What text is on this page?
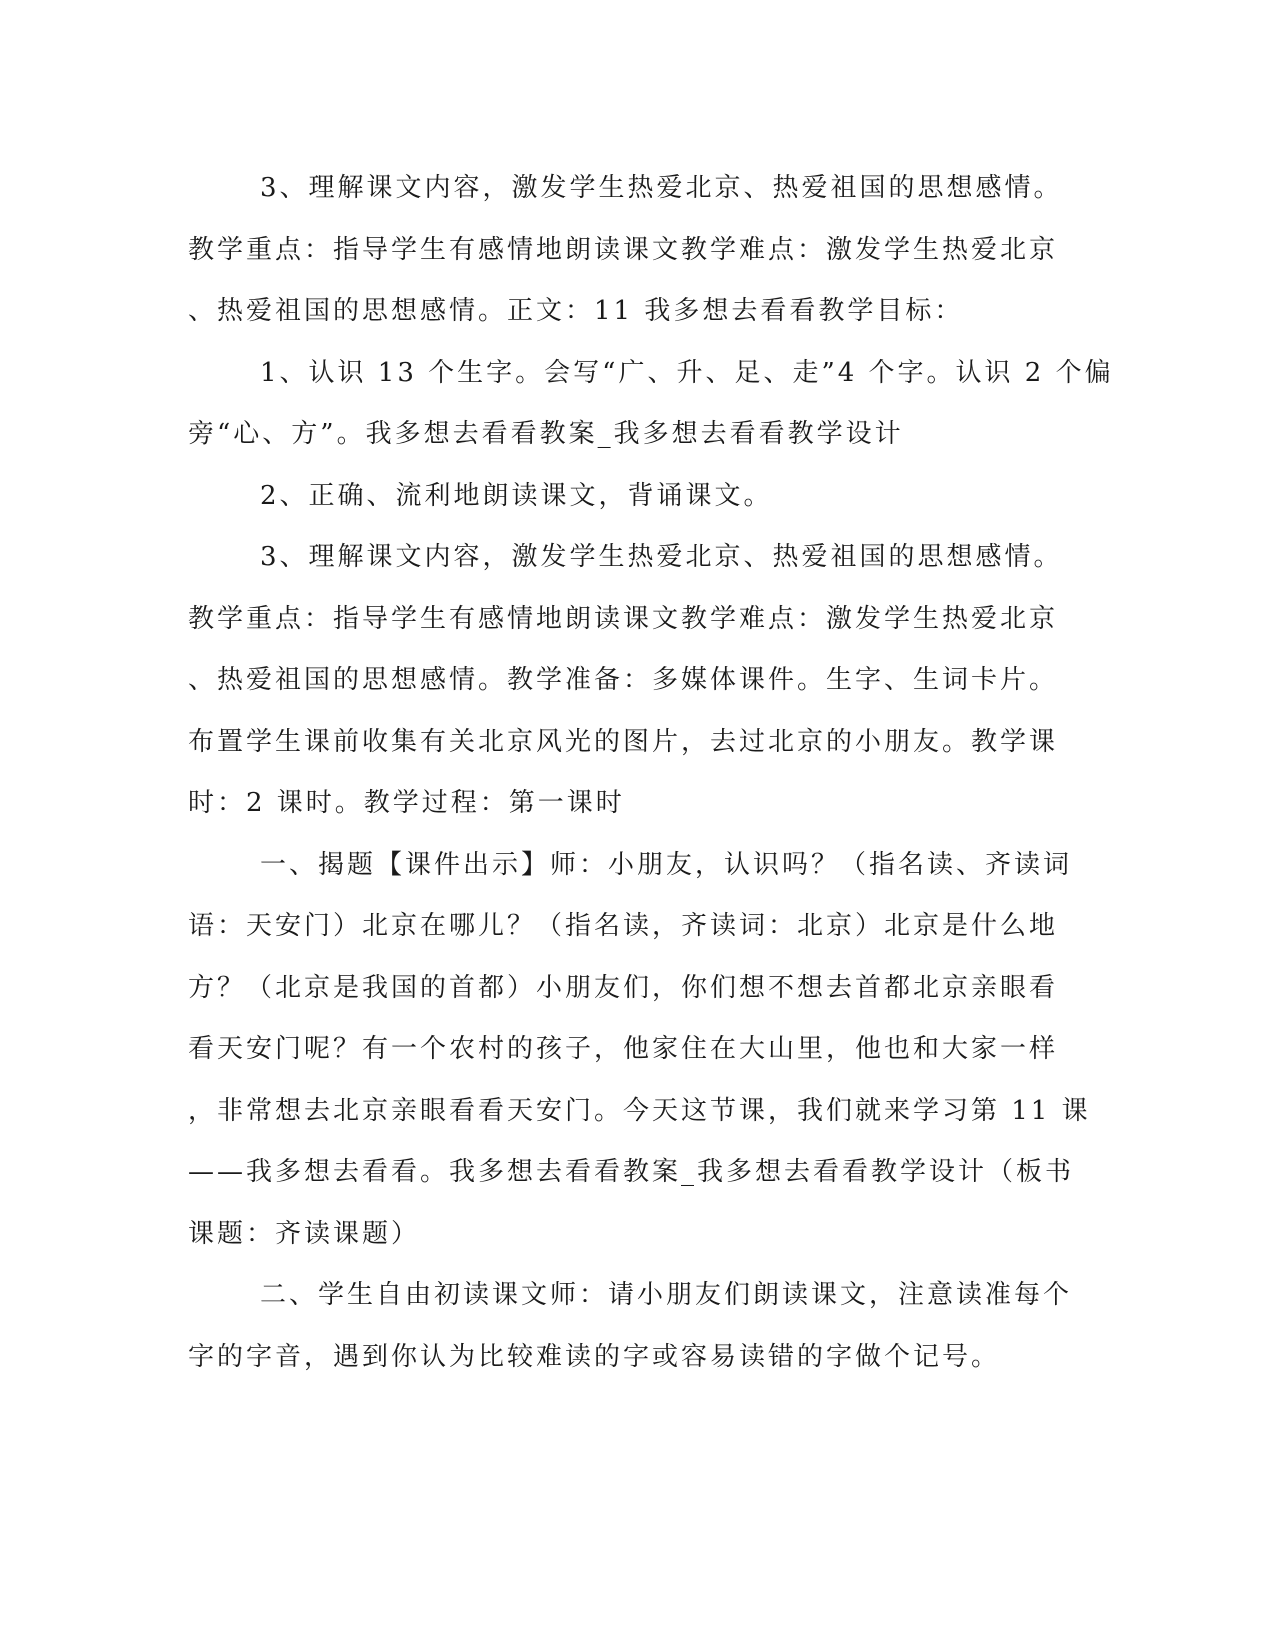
3、理解课文内容，激发学生热爱北京、热爱祖国的思想感情。
教学重点：指导学生有感情地朗读课文教学难点：激发学生热爱北京
、热爱祖国的思想感情。正文：11 我多想去看看教学目标：
1、认识 13 个生字。会写“广、升、足、走”4 个字。认识 2 个偏
旁“心、方”。我多想去看看教案_我多想去看看教学设计
2、正确、流利地朗读课文，背诵课文。
3、理解课文内容，激发学生热爱北京、热爱祖国的思想感情。
教学重点：指导学生有感情地朗读课文教学难点：激发学生热爱北京
、热爱祖国的思想感情。教学准备：多媒体课件。生字、生词卡片。
布置学生课前收集有关北京风光的图片，去过北京的小朋友。教学课
时：2 课时。教学过程：第一课时
一、揭题【课件出示】师：小朋友，认识吗？（指名读、齐读词
语：天安门）北京在哪儿？（指名读，齐读词：北京）北京是什么地
方？（北京是我国的首都）小朋友们，你们想不想去首都北京亲眼看
看天安门呢？有一个农村的孩子，他家住在大山里，他也和大家一样
，非常想去北京亲眼看看天安门。今天这节课，我们就来学习第 11 课
——我多想去看看。我多想去看看教案_我多想去看看教学设计（板书
课题：齐读课题）
二、学生自由初读课文师：请小朋友们朗读课文，注意读准每个
字的字音，遇到你认为比较难读的字或容易读错的字做个记号。
